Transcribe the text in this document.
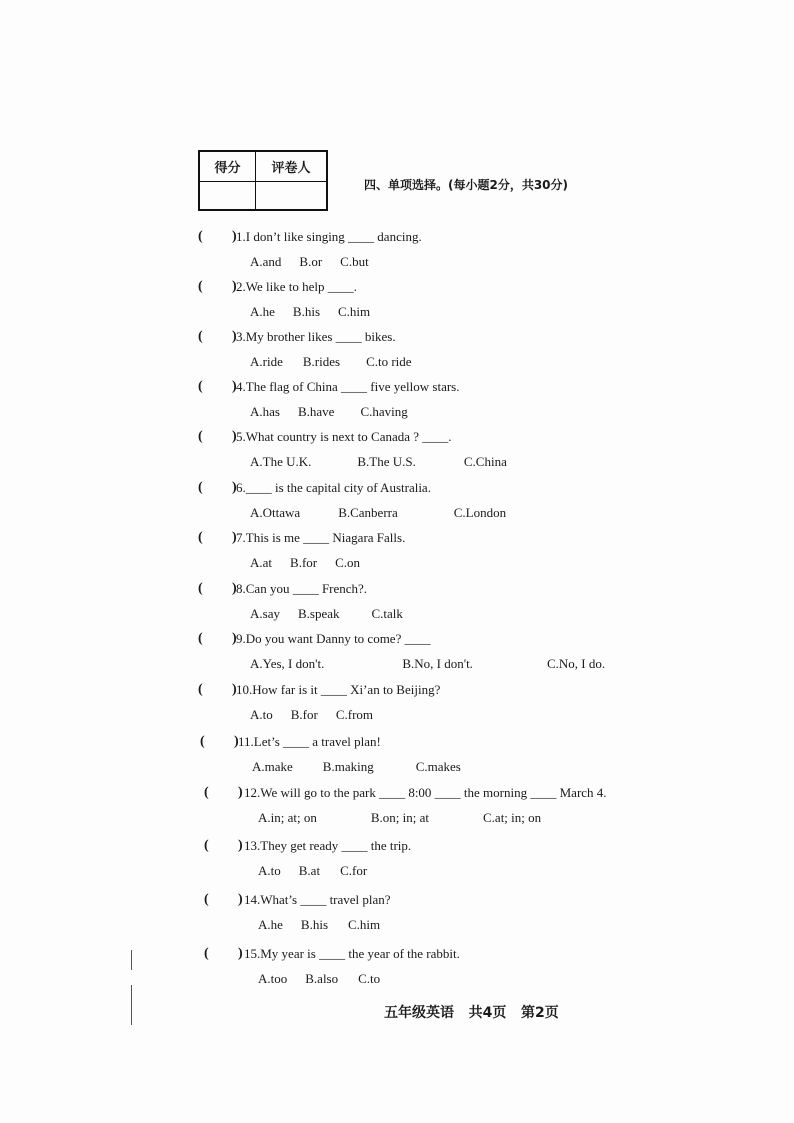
得分	评卷人
四、单项选择。(每小题2分，共30分)
( ) 1.I don’t like singing ____ dancing.
A.and B.or C.but
( ) 2.We like to help ____.
A.he B.his C.him
( ) 3.My brother likes ____ bikes.
A.ride B.rides C.to ride
( ) 4.The flag of China ____ five yellow stars.
A.has B.have C.having
( ) 5.What country is next to Canada ? ____.
A.The U.K.	B.The U.S.	C.China
( ) 6.____ is the capital city of Australia.
A.Ottawa	B.Canberra	C.London
( ) 7.This is me ____ Niagara Falls.
A.at B.for C.on
( ) 8.Can you ____ French?.
A.say B.speak C.talk
( ) 9.Do you want Danny to come? ____
A.Yes, I don't.	B.No, I don't.	C.No, I do.
( ) 10.How far is it ____ Xi’an to Beijing?
A.to B.for C.from
( ) 11.Let’s ____ a travel plan!
A.make B.making	C.makes
( ) 12.We will go to the park ____ 8:00 ____ the morning ____ March 4.
A.in; at; on	B.on; in; at	C.at; in; on
( ) 13.They get ready ____ the trip.
A.to B.at C.for
( ) 14.What’s ____ travel plan?
A.he B.his C.him
( ) 15.My year is ____ the year of the rabbit.
A.too B.also C.to
五年级英语   共4页   第2页
